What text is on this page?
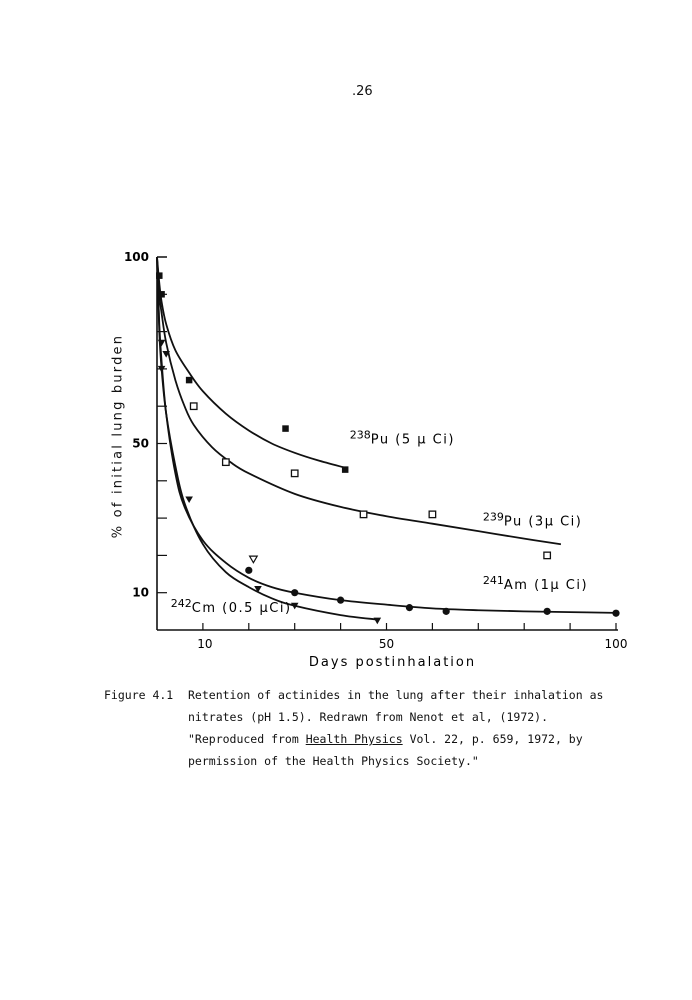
.26
10
50
100
10	50	100
Days postinhalation
$^{238}$Pu (5 μ Ci)
$^{239}$Pu (3μ Ci)
$^{241}$Am (1μ Ci)
$^{242}$Cm (0.5 μCi)
% of initial lung burden
Figure 4.1 Retention of actinides in the lung after their inhalation as
nitrates (pH 1.5). Redrawn from Nenot et al, (1972).
"Reproduced from Health Physics Vol. 22, p. 659, 1972, by
permission of the Health Physics Society."
